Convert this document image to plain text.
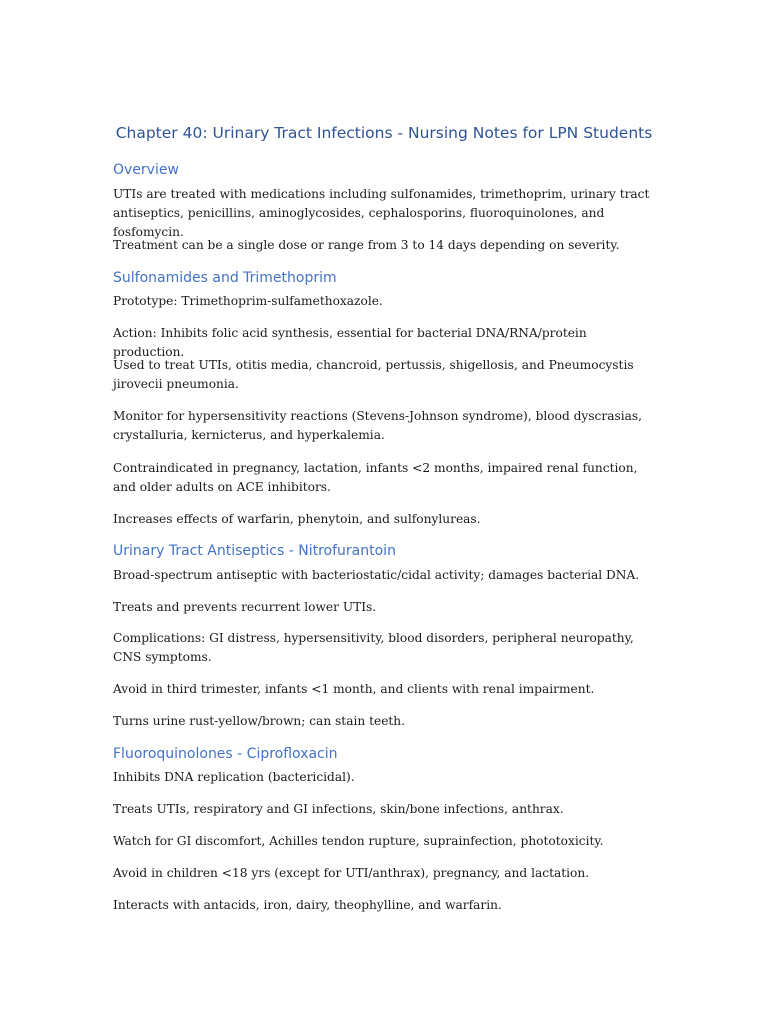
Chapter 40: Urinary Tract Infections - Nursing Notes for LPN Students
Overview
UTIs are treated with medications including sulfonamides, trimethoprim, urinary tract antiseptics, penicillins, aminoglycosides, cephalosporins, fluoroquinolones, and fosfomycin.
Treatment can be a single dose or range from 3 to 14 days depending on severity.
Sulfonamides and Trimethoprim
Prototype: Trimethoprim-sulfamethoxazole.
Action: Inhibits folic acid synthesis, essential for bacterial DNA/RNA/protein production.
Used to treat UTIs, otitis media, chancroid, pertussis, shigellosis, and Pneumocystis jirovecii pneumonia.
Monitor for hypersensitivity reactions (Stevens-Johnson syndrome), blood dyscrasias, crystalluria, kernicterus, and hyperkalemia.
Contraindicated in pregnancy, lactation, infants <2 months, impaired renal function, and older adults on ACE inhibitors.
Increases effects of warfarin, phenytoin, and sulfonylureas.
Urinary Tract Antiseptics - Nitrofurantoin
Broad-spectrum antiseptic with bacteriostatic/cidal activity; damages bacterial DNA.
Treats and prevents recurrent lower UTIs.
Complications: GI distress, hypersensitivity, blood disorders, peripheral neuropathy, CNS symptoms.
Avoid in third trimester, infants <1 month, and clients with renal impairment.
Turns urine rust-yellow/brown; can stain teeth.
Fluoroquinolones - Ciprofloxacin
Inhibits DNA replication (bactericidal).
Treats UTIs, respiratory and GI infections, skin/bone infections, anthrax.
Watch for GI discomfort, Achilles tendon rupture, suprainfection, phototoxicity.
Avoid in children <18 yrs (except for UTI/anthrax), pregnancy, and lactation.
Interacts with antacids, iron, dairy, theophylline, and warfarin.
